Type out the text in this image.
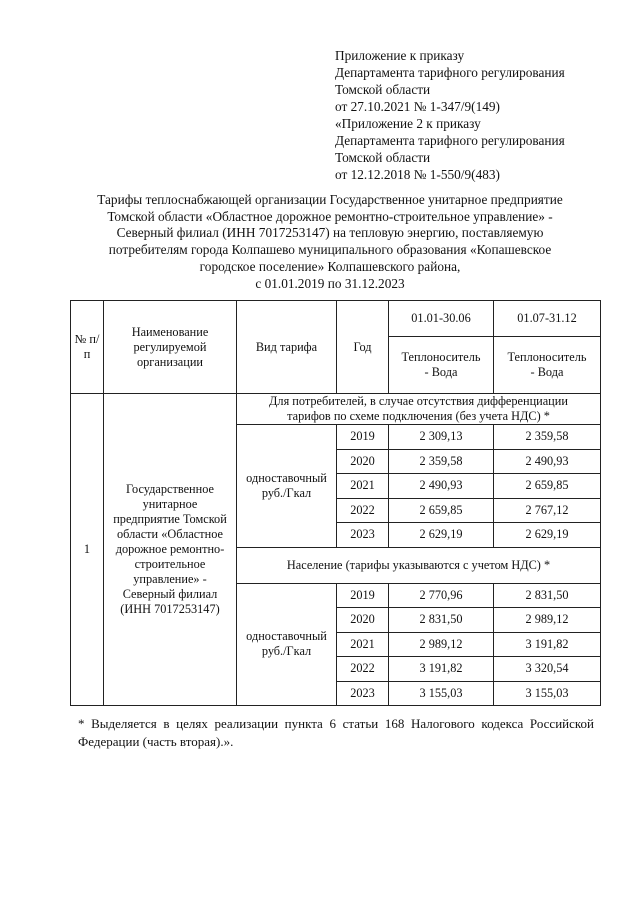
Приложение к приказу
Департамента тарифного регулирования
Томской области
от 27.10.2021 № 1-347/9(149)
«Приложение 2 к приказу
Департамента тарифного регулирования
Томской области
от 12.12.2018 № 1-550/9(483)
Тарифы теплоснабжающей организации Государственное унитарное предприятие
Томской области «Областное дорожное ремонтно-строительное управление» -
Северный филиал (ИНН 7017253147) на тепловую энергию, поставляемую
потребителям города Колпашево муниципального образования «Копашевское
городское поселение» Колпашевского района,
с 01.01.2019 по 31.12.2023
№ п/п	Наименование регулируемой организации	Вид тарифа	Год	01.01-30.06	01.07-31.12
				Теплоноситель - Вода	Теплоноситель - Вода
1	Государственное унитарное предприятие Томской области «Областное дорожное ремонтно-строительное управление» - Северный филиал (ИНН 7017253147)	Для потребителей, в случае отсутствия дифференциации тарифов по схеме подключения (без учета НДС) *			
		одноставочный руб./Гкал	2019	2 309,13	2 359,58
			2020	2 359,58	2 490,93
			2021	2 490,93	2 659,85
			2022	2 659,85	2 767,12
			2023	2 629,19	2 629,19
		Население (тарифы указываются с учетом НДС) *			
		одноставочный руб./Гкал	2019	2 770,96	2 831,50
			2020	2 831,50	2 989,12
			2021	2 989,12	3 191,82
			2022	3 191,82	3 320,54
			2023	3 155,03	3 155,03
* Выделяется в целях реализации пункта 6 статьи 168 Налогового кодекса Российской Федерации (часть вторая).».
